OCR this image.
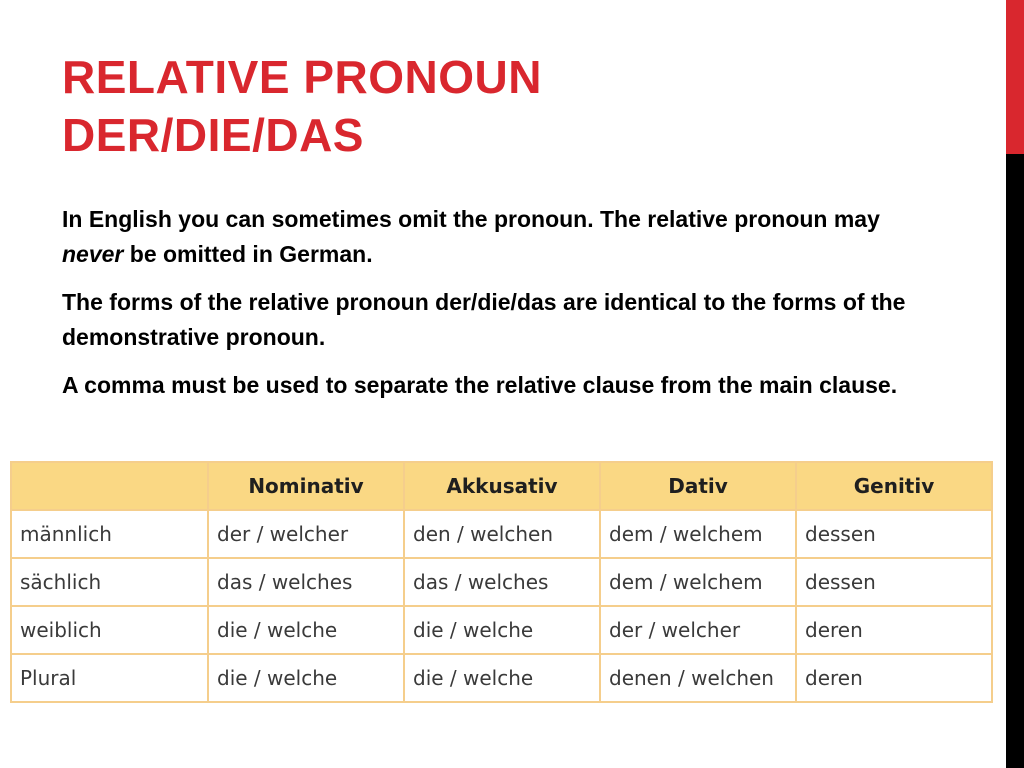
RELATIVE PRONOUN
DER/DIE/DAS

In English you can sometimes omit the pronoun. The relative pronoun may never be omitted in German.

The forms of the relative pronoun der/die/das are identical to the forms of the demonstrative pronoun.

A comma must be used to separate the relative clause from the main clause.

	Nominativ	Akkusativ	Dativ	Genitiv
männlich	der / welcher	den / welchen	dem / welchem	dessen
sächlich	das / welches	das / welches	dem / welchem	dessen
weiblich	die / welche	die / welche	der / welcher	deren
Plural	die / welche	die / welche	denen / welchen	deren
